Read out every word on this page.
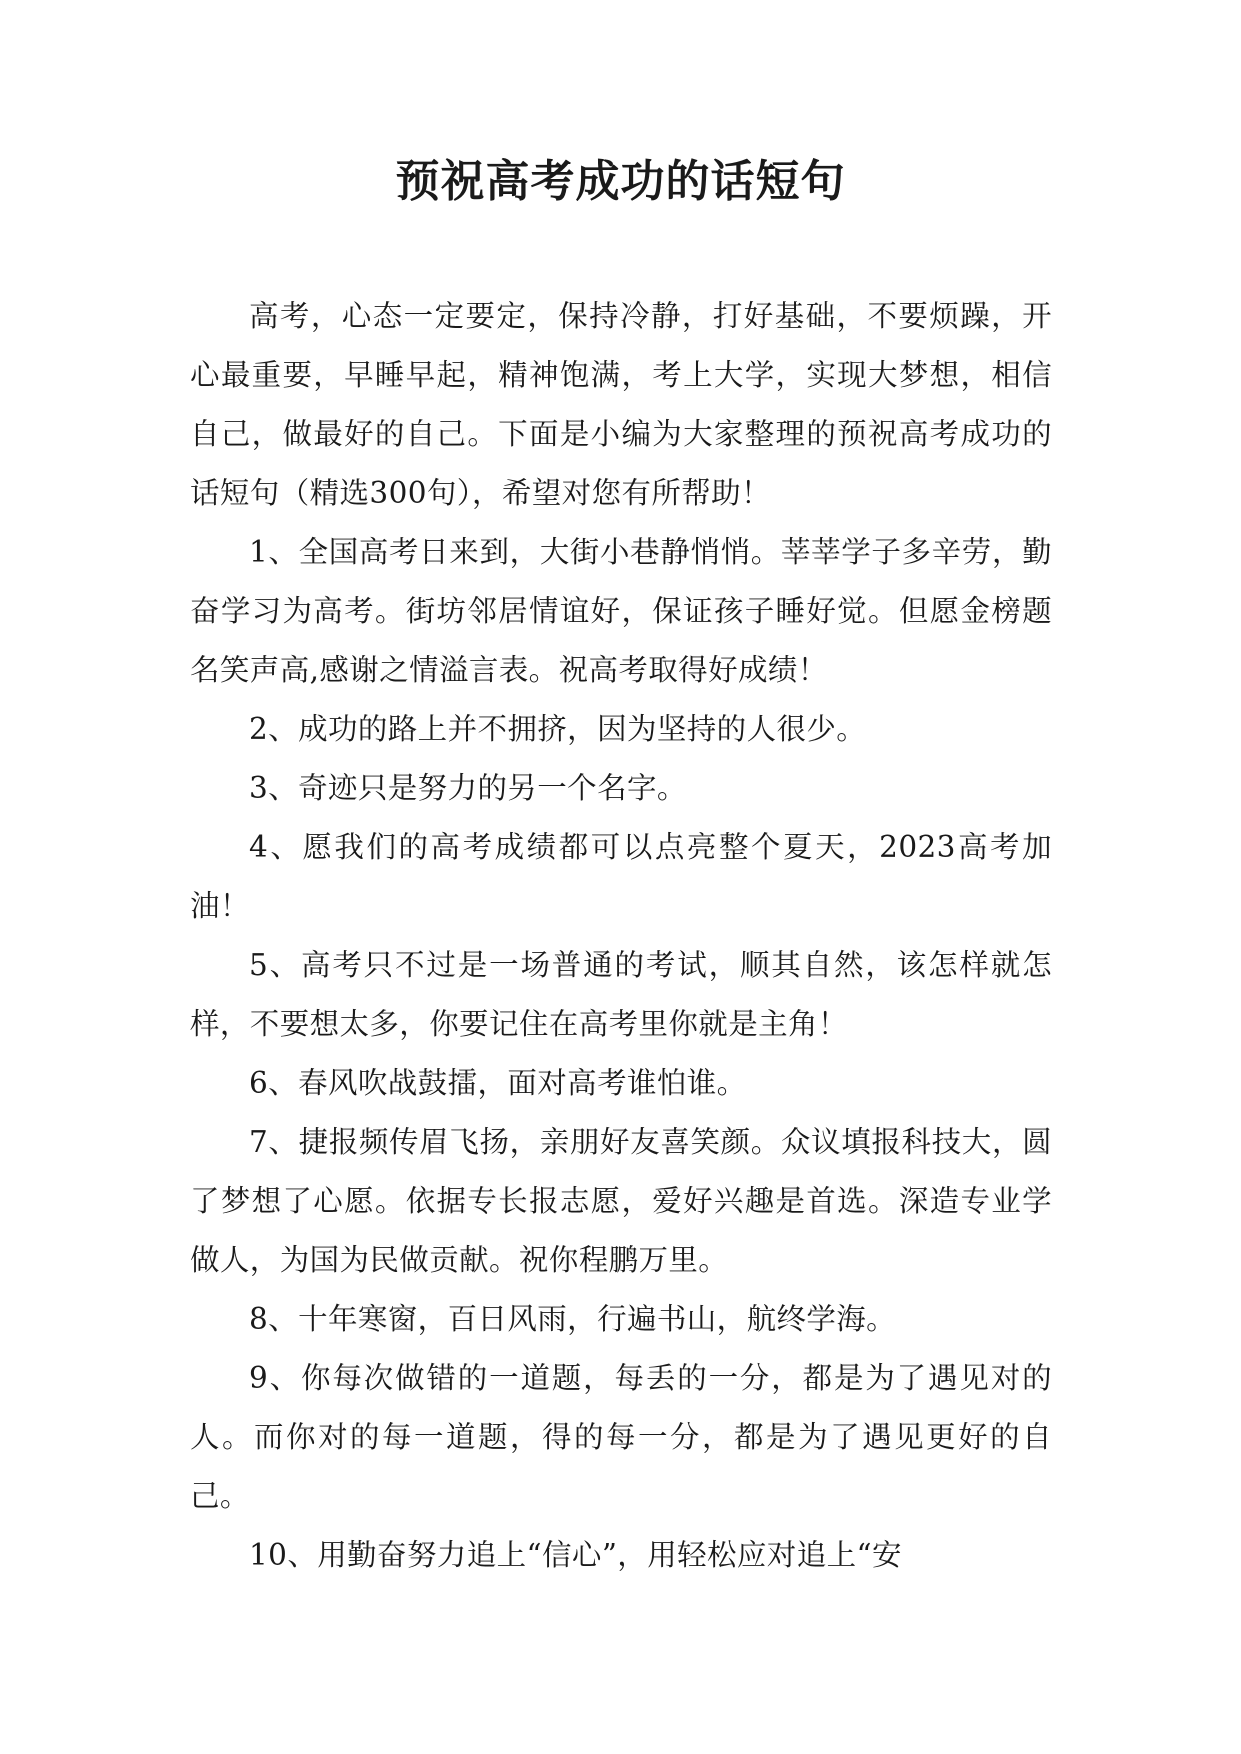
预祝高考成功的话短句

高考，心态一定要定，保持冷静，打好基础，不要烦躁，开心最重要，早睡早起，精神饱满，考上大学，实现大梦想，相信自己，做最好的自己。下面是小编为大家整理的预祝高考成功的话短句（精选300句），希望对您有所帮助！

1、全国高考日来到，大街小巷静悄悄。莘莘学子多辛劳，勤奋学习为高考。街坊邻居情谊好，保证孩子睡好觉。但愿金榜题名笑声高,感谢之情溢言表。祝高考取得好成绩！

2、成功的路上并不拥挤，因为坚持的人很少。

3、奇迹只是努力的另一个名字。

4、愿我们的高考成绩都可以点亮整个夏天，2023高考加油！

5、高考只不过是一场普通的考试，顺其自然，该怎样就怎样，不要想太多，你要记住在高考里你就是主角！

6、春风吹战鼓擂，面对高考谁怕谁。

7、捷报频传眉飞扬，亲朋好友喜笑颜。众议填报科技大，圆了梦想了心愿。依据专长报志愿，爱好兴趣是首选。深造专业学做人，为国为民做贡献。祝你程鹏万里。

8、十年寒窗，百日风雨，行遍书山，航终学海。

9、你每次做错的一道题，每丢的一分，都是为了遇见对的人。而你对的每一道题，得的每一分，都是为了遇见更好的自己。

10、用勤奋努力追上“信心”，用轻松应对追上“安
